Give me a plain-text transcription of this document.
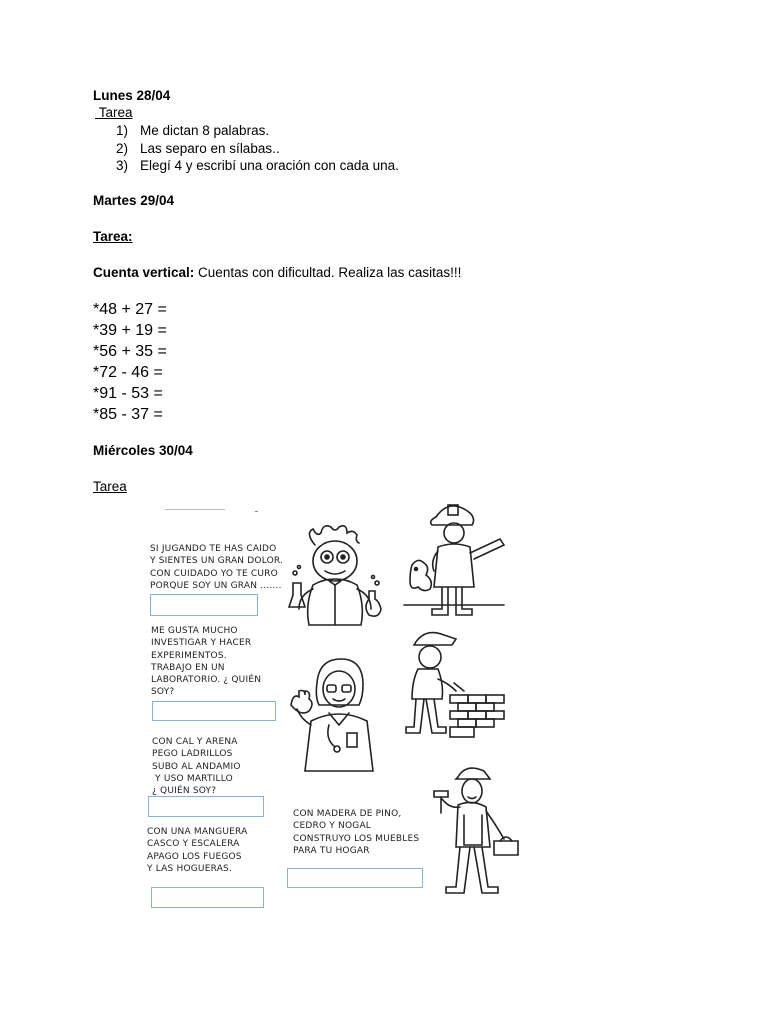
Lunes 28/04
Tarea
1) Me dictan 8 palabras.
2) Las separo en sílabas..
3) Elegí 4 y escribí una oración con cada una.
Martes 29/04
Tarea:
Cuenta vertical: Cuentas con dificultad. Realiza las casitas!!!
*48 + 27 =
*39 + 19 =
*56 + 35 =
*72 - 46 =
*91 - 53 =
*85 - 37 =
Miércoles 30/04
Tarea
SI JUGANDO TE HAS CAIDO
Y SIENTES UN GRAN DOLOR.
CON CUIDADO YO TE CURO
PORQUE SOY UN GRAN .......
ME GUSTA MUCHO
INVESTIGAR Y HACER
EXPERIMENTOS.
TRABAJO EN UN
LABORATORIO. ¿ QUIÉN
SOY?
CON CAL Y ARENA
PEGO LADRILLOS
SUBO AL ANDAMIO
Y USO MARTILLO
¿ QUIÉN SOY?
CON UNA MANGUERA
CASCO Y ESCALERA
APAGO LOS FUEGOS
Y LAS HOGUERAS.
CON MADERA DE PINO,
CEDRO Y NOGAL
CONSTRUYO LOS MUEBLES
PARA TU HOGAR
